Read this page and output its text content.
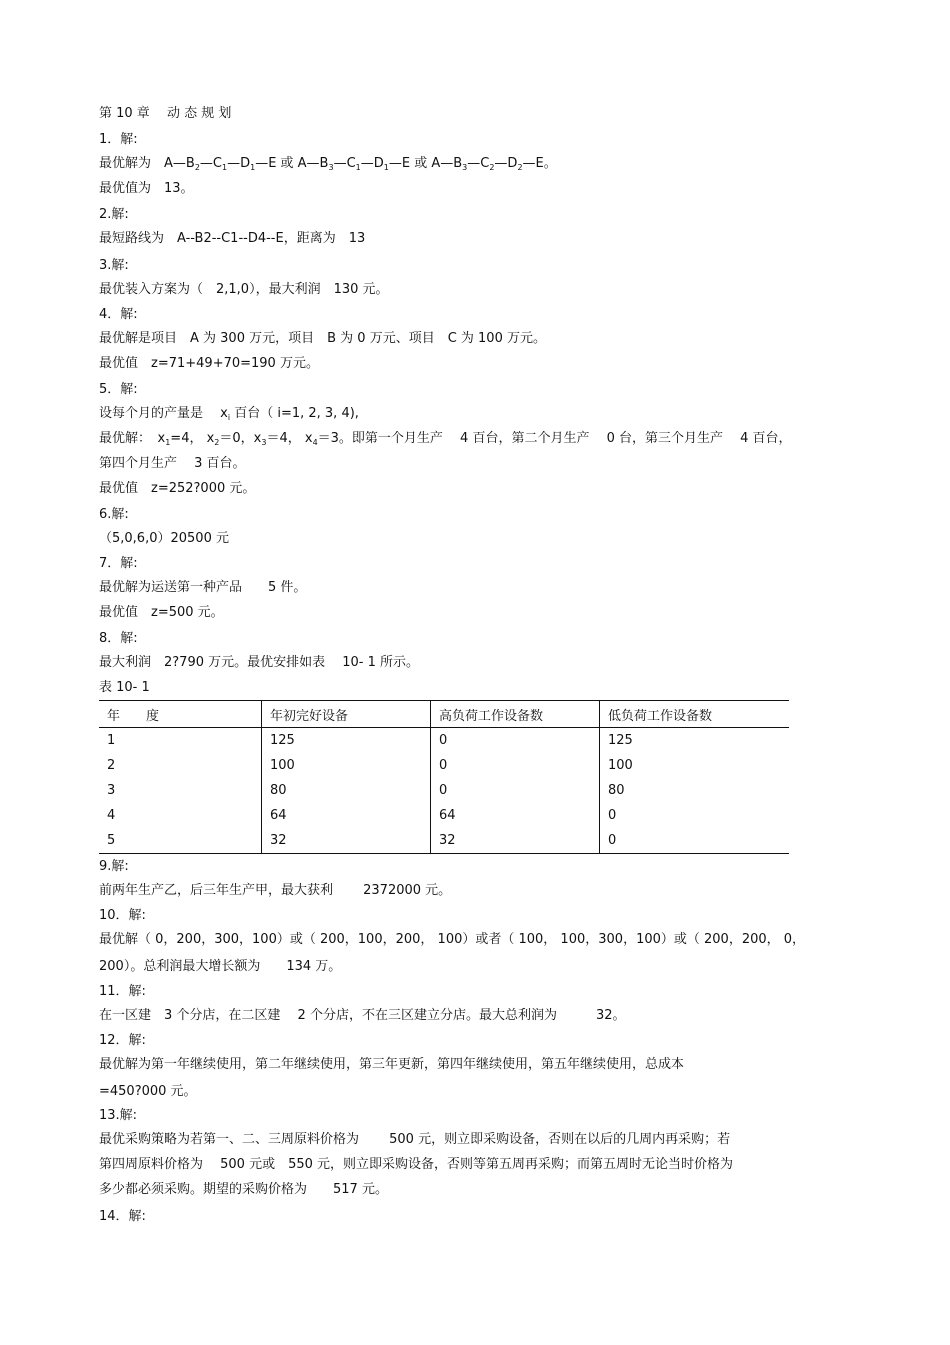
第 10 章　 动 态 规 划
1．解:
最优解为　$A—B_2—C_1—D_1—E$ 或 $A—B_3—C_1—D_1—E$ 或 $A—B_3—C_2—D_2—E$。
最优值为　13。
2.解:
最短路线为　A--B2--C1--D4--E，距离为　13
3.解:
最优装入方案为（　2,1,0），最大利润　130 元。
4．解:
最优解是项目　A 为 300 万元，项目　B 为 0 万元、项目　C 为 100 万元。
最优值　z=71+49+70=190 万元。
5．解:
设每个月的产量是　 $x_i$ 百台（ i=1, 2, 3, 4),
最优解：　$x_1=4$， $x_2=0$，$x_3=4$， $x_4=3$。即第一个月生产　 4 百台，第二个月生产　 0 台，第三个月生产　 4 百台，
第四个月生产　 3 百台。
最优值　z=252?000 元。
6.解:
（5,0,6,0）20500 元
7．解:
最优解为运送第一种产品　　5 件。
最优值　z=500 元。
8．解:
最大利润　2?790 万元。最优安排如表　 10- 1 所示。
表 10- 1
年　　度	年初完好设备	高负荷工作设备数	低负荷工作设备数
1	125	0	125
2	100	0	100
3	80	0	80
4	64	64	0
5	32	32	0
9.解:
前两年生产乙，后三年生产甲，最大获利　　 2372000 元。
10．解:
最优解（ 0，200，300，100）或（ 200，100，200， 100）或者（ 100， 100，300，100）或（ 200，200， 0，
200）。总利润最大增长额为　　134 万。
11．解:
在一区建　3 个分店，在二区建　 2 个分店，不在三区建立分店。最大总利润为　　　32。
12．解:
最优解为第一年继续使用，第二年继续使用，第三年更新，第四年继续使用，第五年继续使用，总成本
=450?000 元。
13.解:
最优采购策略为若第一、二、三周原料价格为　　 500 元，则立即采购设备，否则在以后的几周内再采购；若
第四周原料价格为　 500 元或　550 元，则立即采购设备，否则等第五周再采购；而第五周时无论当时价格为
多少都必须采购。期望的采购价格为　　517 元。
14．解:
